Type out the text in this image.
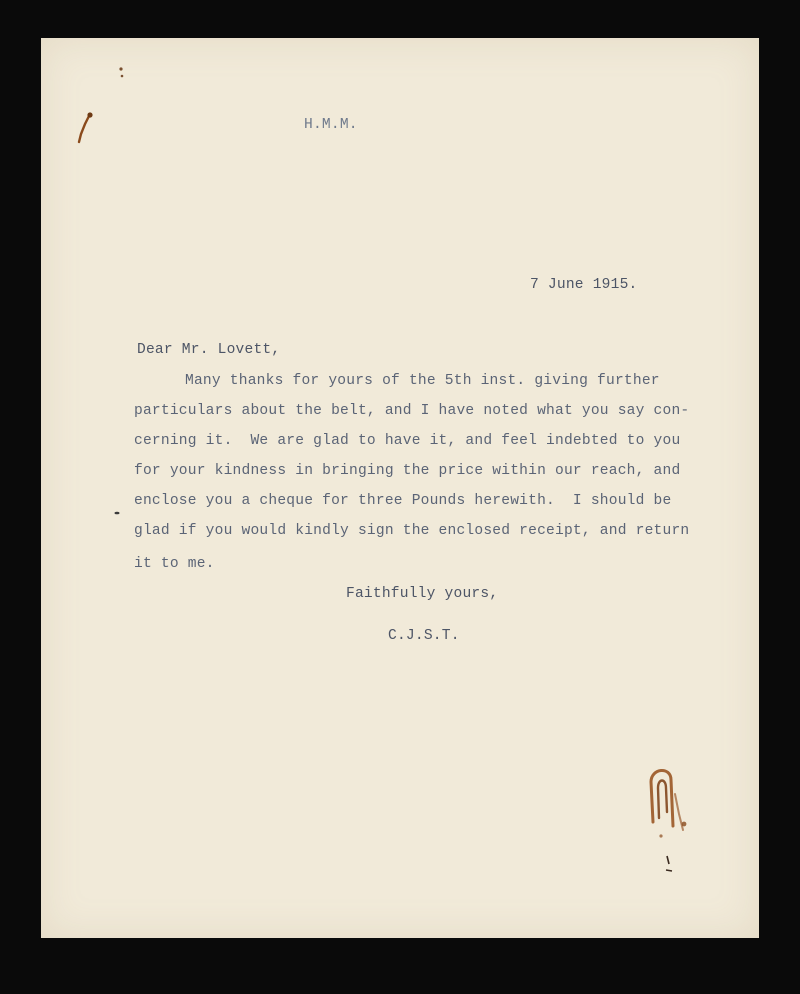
H.M.M.

7 June 1915.

Dear Mr. Lovett,

Many thanks for yours of the 5th inst. giving further

particulars about the belt, and I have noted what you say con-

cerning it.  We are glad to have it, and feel indebted to you

for your kindness in bringing the price within our reach, and

enclose you a cheque for three Pounds herewith.  I should be

glad if you would kindly sign the enclosed receipt, and return

it to me.

Faithfully yours,

C.J.S.T.
